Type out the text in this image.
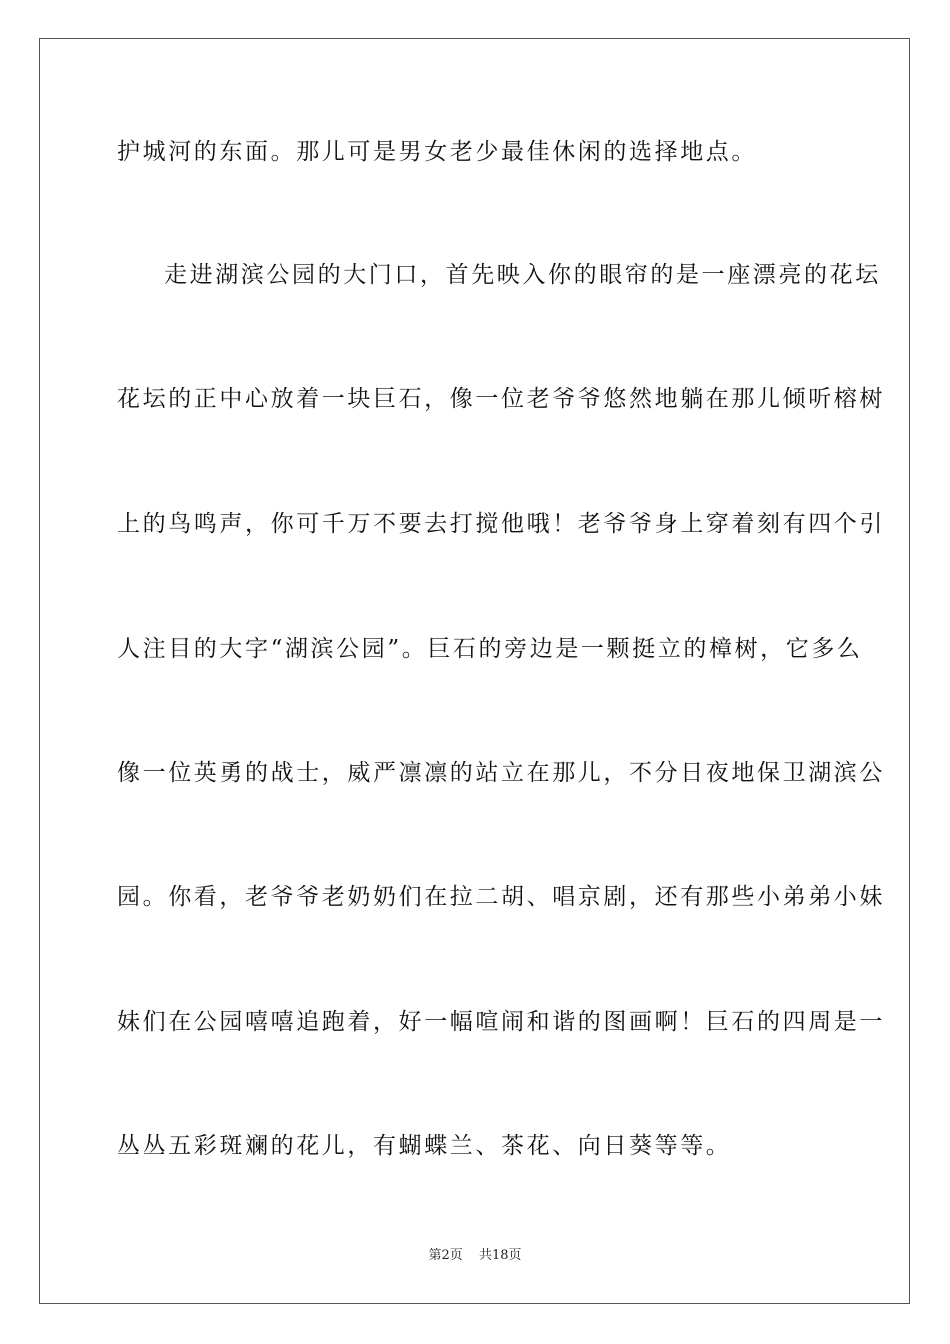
护城河的东面。那儿可是男女老少最佳休闲的选择地点。
走进湖滨公园的大门口，首先映入你的眼帘的是一座漂亮的花坛
花坛的正中心放着一块巨石，像一位老爷爷悠然地躺在那儿倾听榕树
上的鸟鸣声，你可千万不要去打搅他哦！老爷爷身上穿着刻有四个引
人注目的大字“湖滨公园”。巨石的旁边是一颗挺立的樟树，它多么
像一位英勇的战士，威严凛凛的站立在那儿，不分日夜地保卫湖滨公
园。你看，老爷爷老奶奶们在拉二胡、唱京剧，还有那些小弟弟小妹
妹们在公园嘻嘻追跑着，好一幅喧闹和谐的图画啊！巨石的四周是一
丛丛五彩斑斓的花儿，有蝴蝶兰、茶花、向日葵等等。
第2页 共18页
